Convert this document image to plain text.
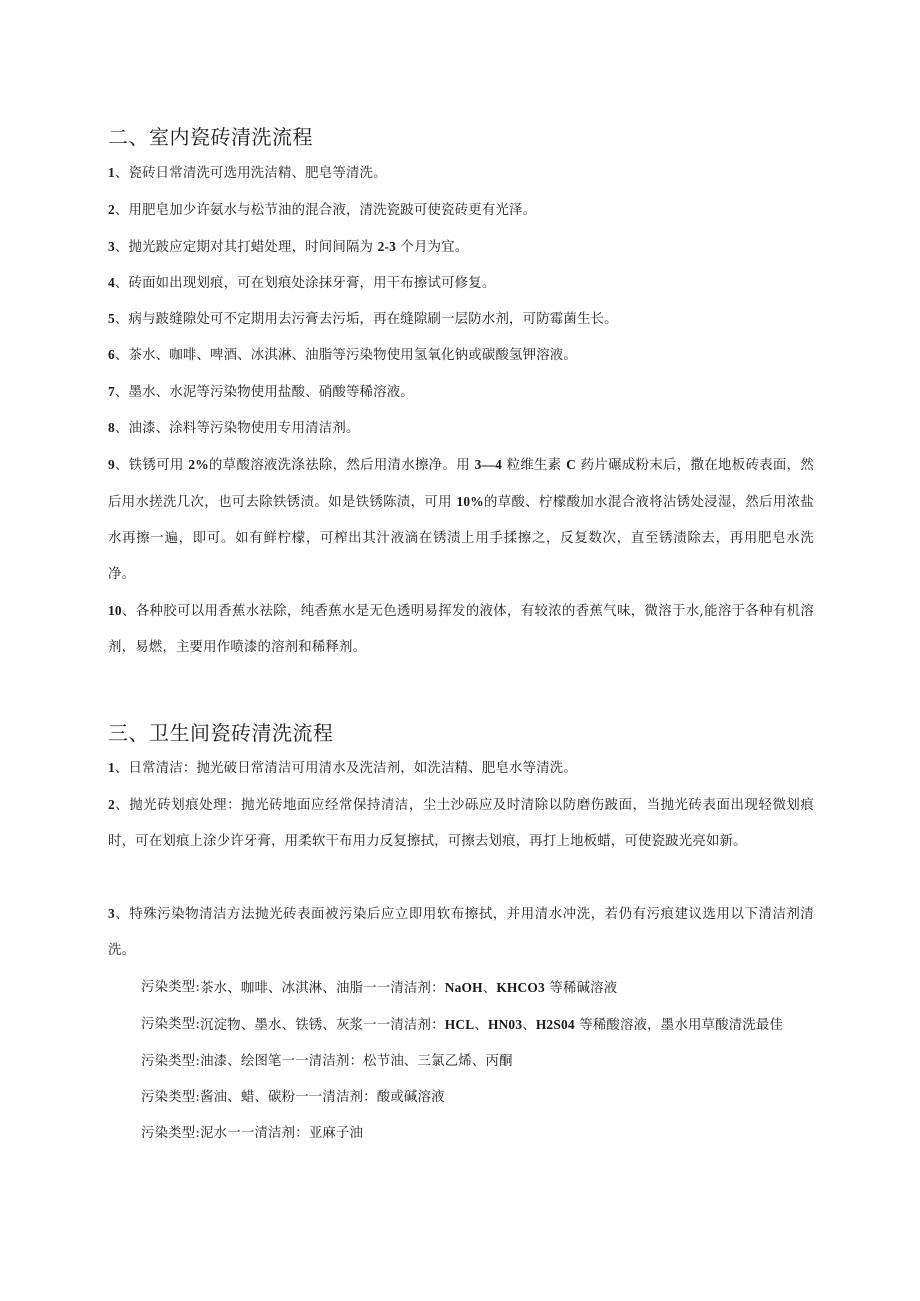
二、室内瓷砖清洗流程

1、瓷砖日常清洗可选用洗洁精、肥皂等清洗。

2、用肥皂加少许氨水与松节油的混合液，清洗瓷跛可使瓷砖更有光泽。

3、抛光跛应定期对其打蜡处理，时间间隔为 2-3 个月为宜。

4、砖面如出现划痕，可在划痕处涂抹牙膏，用干布擦试可修复。

5、病与跛缝隙处可不定期用去污膏去污垢，再在缝隙刷一层防水剂，可防霉菌生长。

6、茶水、咖啡、啤酒、冰淇淋、油脂等污染物使用氢氧化钠或碳酸氢钾溶液。

7、墨水、水泥等污染物使用盐酸、硝酸等稀溶液。

8、油漆、涂料等污染物使用专用清洁剂。

9、铁锈可用 2%的草酸溶液洗涤祛除，然后用清水擦净。用 3—4 粒维生素 C 药片碾成粉末后，撒在地板砖表面，然后用水搓洗几次，也可去除铁锈渍。如是铁锈陈渍，可用 10%的草酸、柠檬酸加水混合液将沾锈处浸湿，然后用浓盐水再擦一遍，即可。如有鲜柠檬，可榨出其汁液滴在锈渍上用手揉擦之，反复数次，直至锈渍除去，再用肥皂水洗净。

10、各种胶可以用香蕉水祛除，纯香蕉水是无色透明易挥发的液体，有较浓的香蕉气味，微溶于水,能溶于各种有机溶剂，易燃，主要用作喷漆的溶剂和稀释剂。

三、卫生间瓷砖清洗流程

1、日常清洁：抛光破日常清洁可用清水及洗洁剂，如洗洁精、肥皂水等清洗。

2、抛光砖划痕处理：抛光砖地面应经常保持清洁，尘土沙砾应及时清除以防磨伤跛面，当抛光砖表面出现轻微划痕时，可在划痕上涂少许牙膏，用柔软干布用力反复擦拭，可擦去划痕，再打上地板蜡，可使瓷跛光亮如新。

3、特殊污染物清洁方法抛光砖表面被污染后应立即用软布擦拭，并用清水冲洗，若仍有污痕建议选用以下清洁剂清洗。

污染类型: 茶水、咖啡、冰淇淋、油脂一一清洁剂：NaOH、KHCO3 等稀碱溶液
污染类型: 沉淀物、墨水、铁锈、灰浆一一清洁剂：HCL、HN03、H2S04 等稀酸溶液，墨水用草酸清洗最佳
污染类型: 油漆、绘图笔一一清洁剂：松节油、三氯乙烯、丙酮
污染类型: 酱油、蜡、碳粉一一清洁剂：酸或碱溶液
污染类型: 泥水一一清洁剂：亚麻子油
